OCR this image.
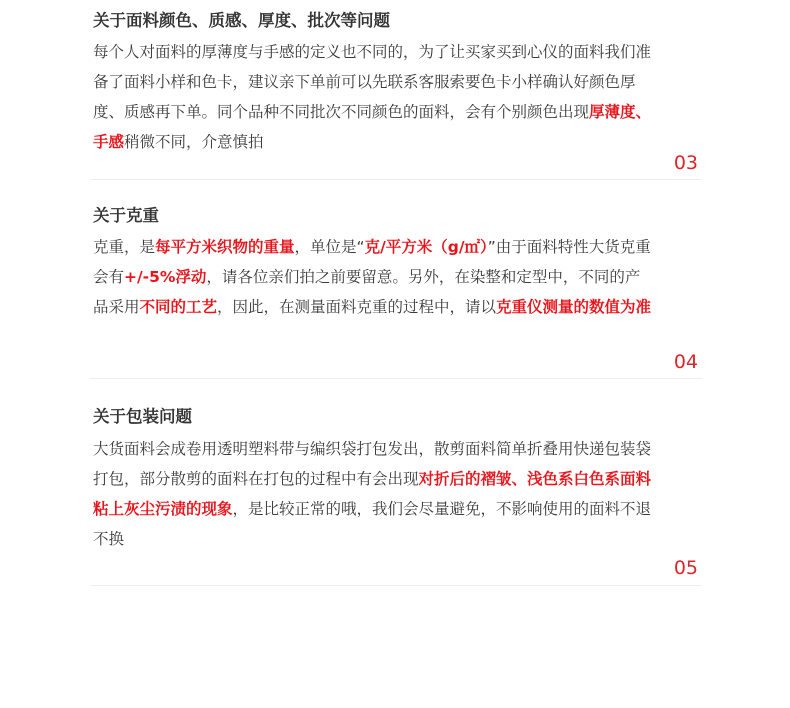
关于面料颜色、质感、厚度、批次等问题
每个人对面料的厚薄度与手感的定义也不同的，为了让买家买到心仪的面料我们准备了面料小样和色卡，建议亲下单前可以先联系客服索要色卡小样确认好颜色厚度、质感再下单。同个品种不同批次不同颜色的面料，会有个别颜色出现厚薄度、手感稍微不同，介意慎拍
03
关于克重
克重，是每平方米织物的重量，单位是“克/平方米（g/㎡）”由于面料特性大货克重会有+/-5%浮动，请各位亲们拍之前要留意。另外，在染整和定型中，不同的产品采用不同的工艺，因此，在测量面料克重的过程中，请以克重仪测量的数值为准
04
关于包装问题
大货面料会成卷用透明塑料带与编织袋打包发出，散剪面料简单折叠用快递包装袋打包，部分散剪的面料在打包的过程中有会出现对折后的褶皱、浅色系白色系面料粘上灰尘污渍的现象，是比较正常的哦，我们会尽量避免，不影响使用的面料不退不换
05
